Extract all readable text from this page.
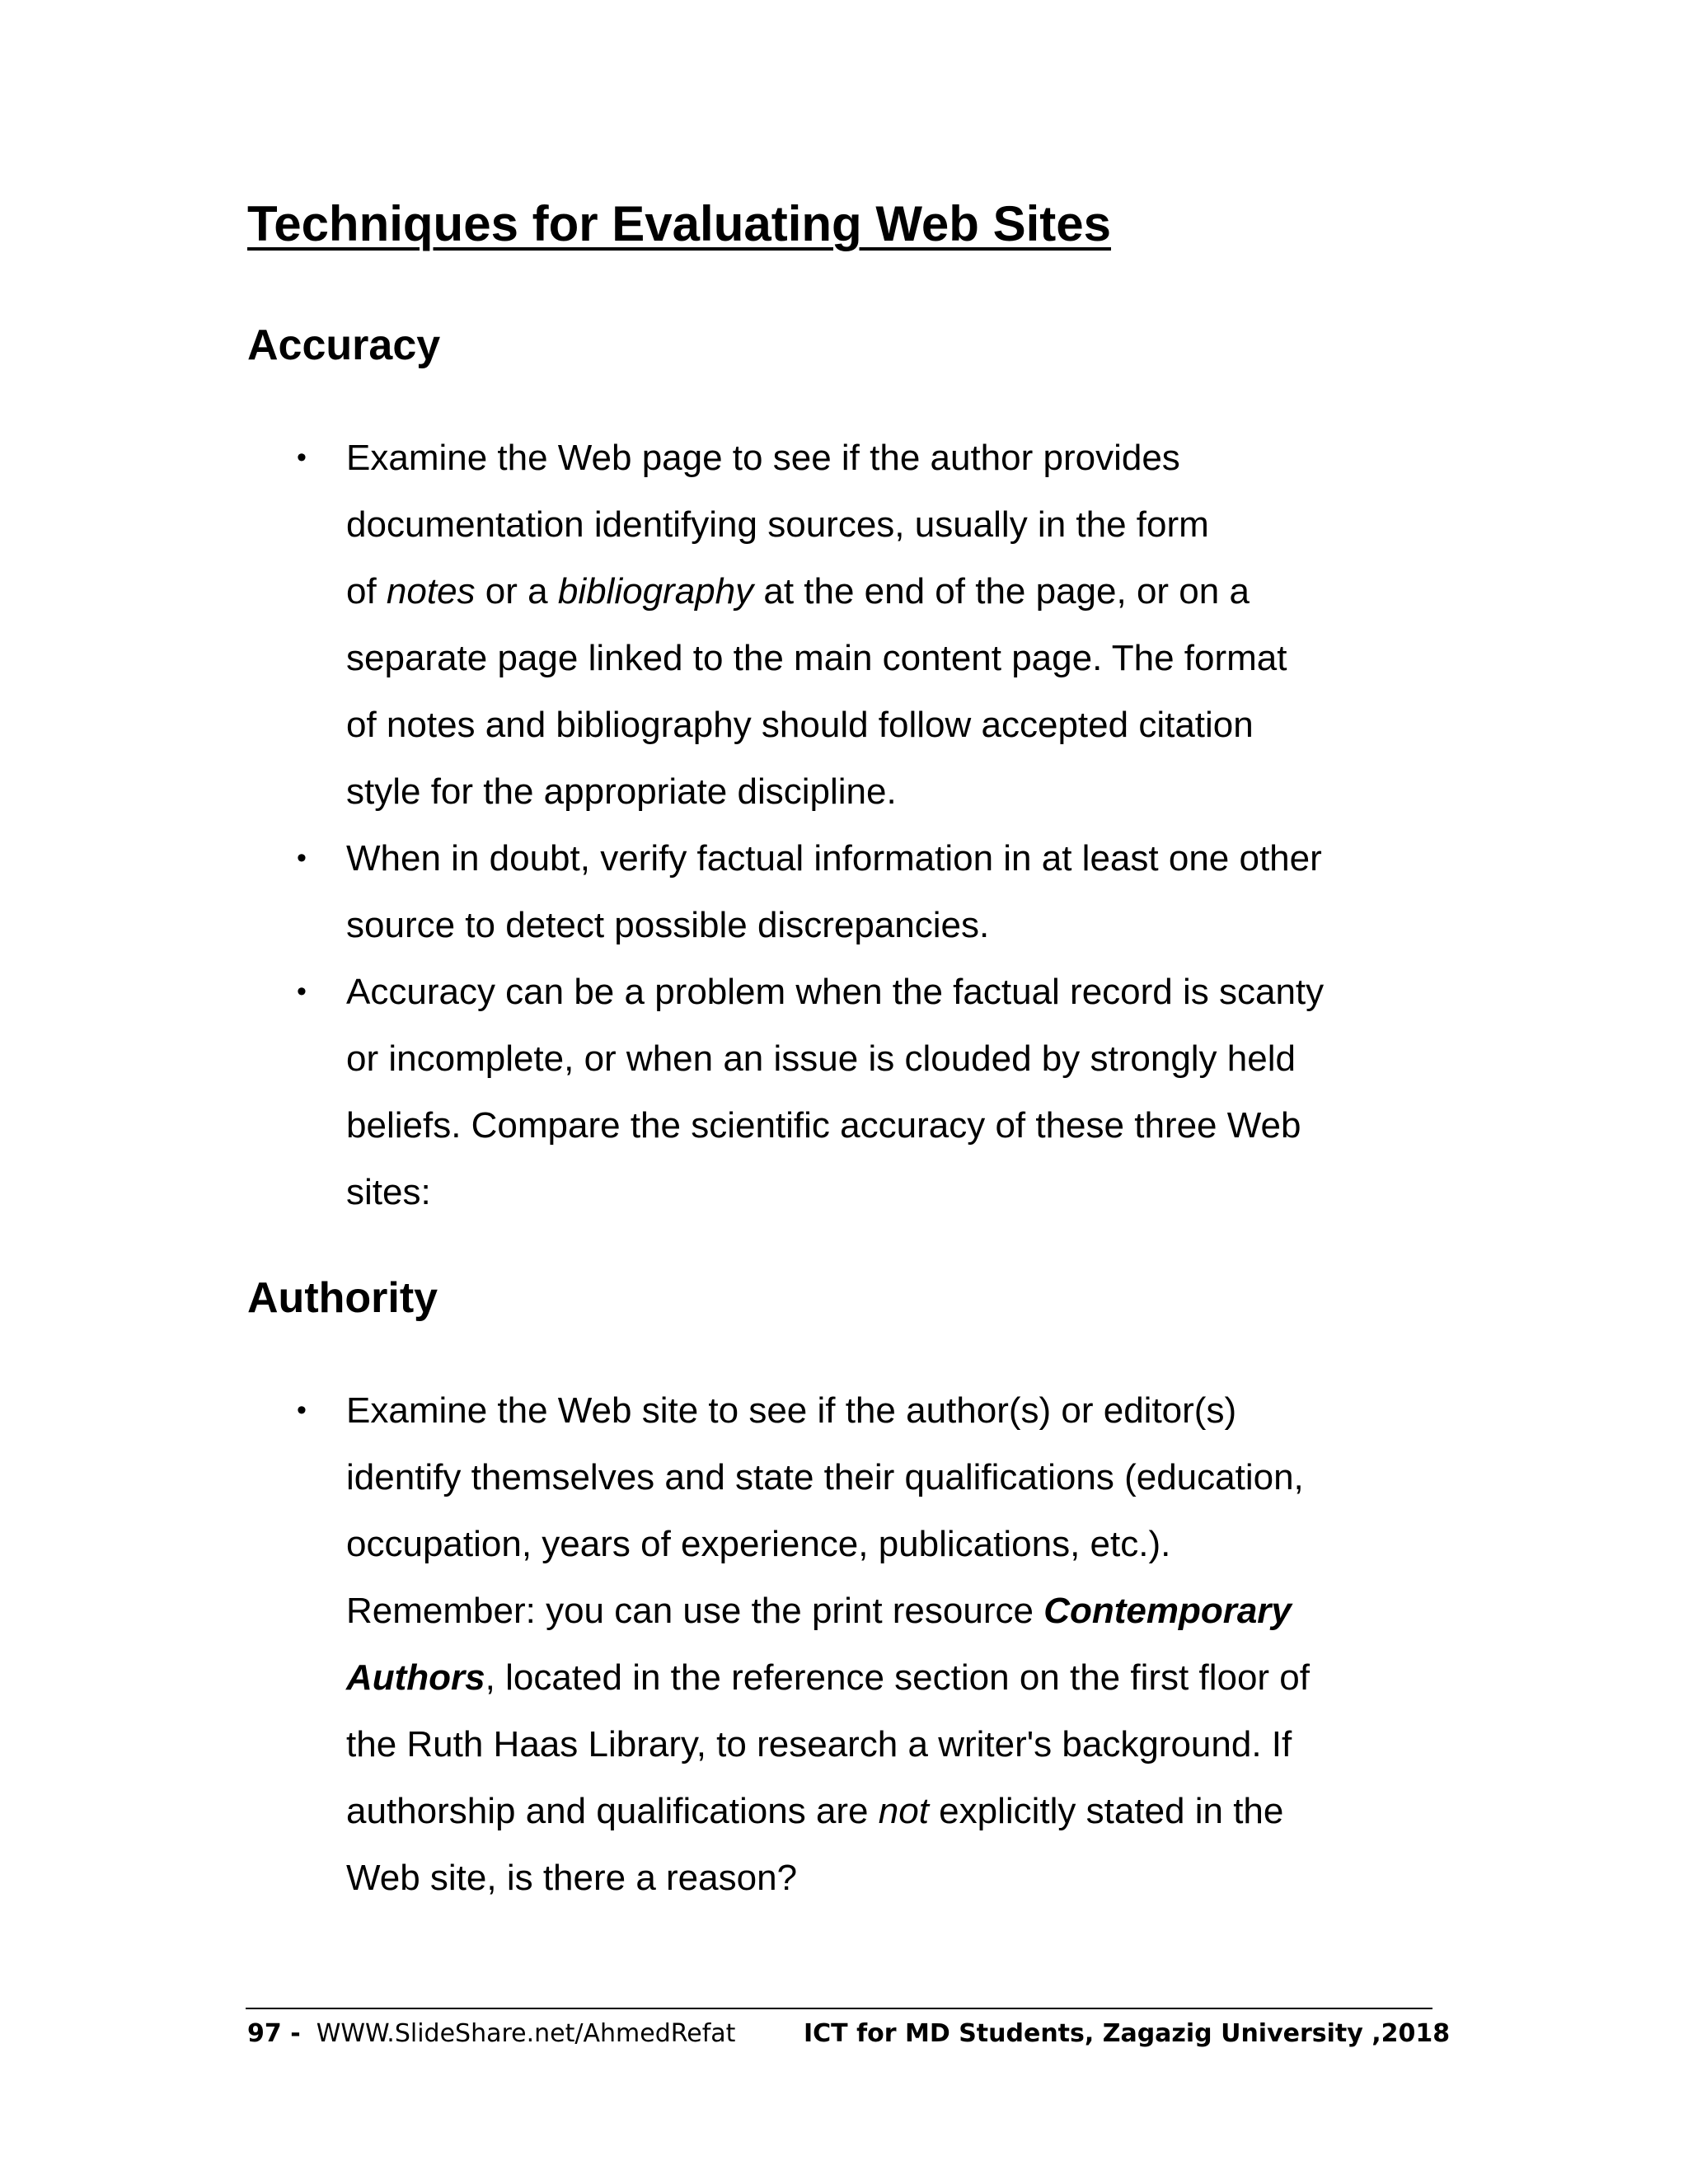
Techniques for Evaluating Web Sites
Accuracy
• Examine the Web page to see if the author provides
documentation identifying sources, usually in the form
of notes or a bibliography at the end of the page, or on a
separate page linked to the main content page. The format
of notes and bibliography should follow accepted citation
style for the appropriate discipline.
• When in doubt, verify factual information in at least one other
source to detect possible discrepancies.
• Accuracy can be a problem when the factual record is scanty
or incomplete, or when an issue is clouded by strongly held
beliefs. Compare the scientific accuracy of these three Web
sites:
Authority
• Examine the Web site to see if the author(s) or editor(s)
identify themselves and state their qualifications (education,
occupation, years of experience, publications, etc.).
Remember: you can use the print resource Contemporary
Authors, located in the reference section on the first floor of
the Ruth Haas Library, to research a writer's background. If
authorship and qualifications are not explicitly stated in the
Web site, is there a reason?
97 - WWW.SlideShare.net/AhmedRefat	ICT for MD Students, Zagazig University ,2018
